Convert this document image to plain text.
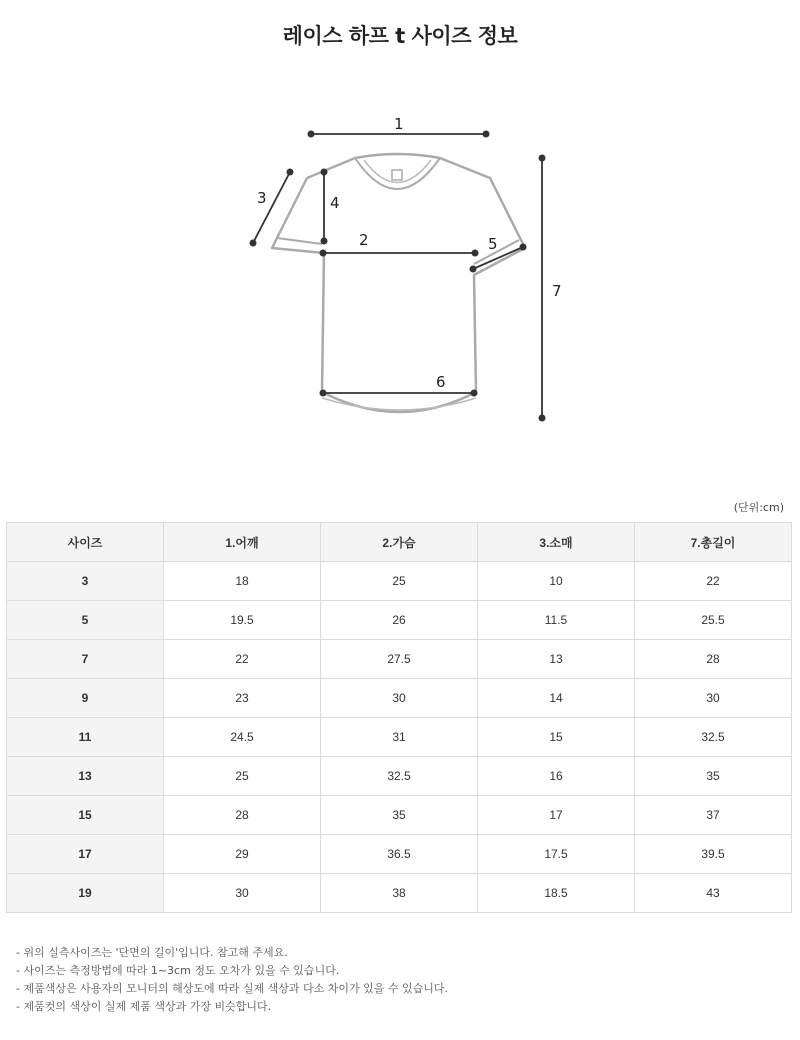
레이스 하프 t 사이즈 정보
1
2
3	4
5
6
7
(단위:cm)
사이즈	1.어깨	2.가슴	3.소매	7.총길이
3	18	25	10	22
5	19.5	26	11.5	25.5
7	22	27.5	13	28
9	23	30	14	30
11	24.5	31	15	32.5
13	25	32.5	16	35
15	28	35	17	37
17	29	36.5	17.5	39.5
19	30	38	18.5	43
- 위의 실측사이즈는 '단면의 길이'입니다. 참고해 주세요.
- 사이즈는 측정방법에 따라 1~3cm 정도 오차가 있을 수 있습니다.
- 제품색상은 사용자의 모니터의 해상도에 따라 실제 색상과 다소 차이가 있을 수 있습니다.
- 제품컷의 색상이 실제 제품 색상과 가장 비슷합니다.
